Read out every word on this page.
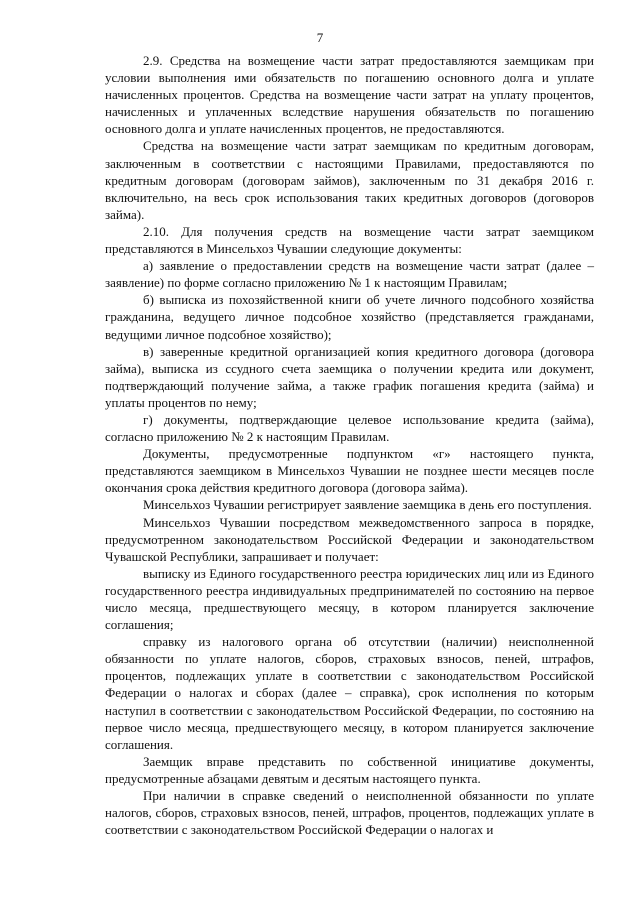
7

2.9. Средства на возмещение части затрат предоставляются заемщикам при условии выполнения ими обязательств по погашению основного долга и уплате начисленных процентов. Средства на возмещение части затрат на уплату процентов, начисленных и уплаченных вследствие нарушения обязательств по погашению основного долга и уплате начисленных процентов, не предоставляются.

Средства на возмещение части затрат заемщикам по кредитным договорам, заключенным в соответствии с настоящими Правилами, предоставляются по кредитным договорам (договорам займов), заключенным по 31 декабря 2016 г. включительно, на весь срок использования таких кредитных договоров (договоров займа).

2.10. Для получения средств на возмещение части затрат заемщиком представляются в Минсельхоз Чувашии следующие документы:

а) заявление о предоставлении средств на возмещение части затрат (далее – заявление) по форме согласно приложению № 1 к настоящим Правилам;

б) выписка из похозяйственной книги об учете личного подсобного хозяйства гражданина, ведущего личное подсобное хозяйство (представляется гражданами, ведущими личное подсобное хозяйство);

в) заверенные кредитной организацией копия кредитного договора (договора займа), выписка из ссудного счета заемщика о получении кредита или документ, подтверждающий получение займа, а также график погашения кредита (займа) и уплаты процентов по нему;

г) документы, подтверждающие целевое использование кредита (займа), согласно приложению № 2 к настоящим Правилам.

Документы, предусмотренные подпунктом «г» настоящего пункта, представляются заемщиком в Минсельхоз Чувашии не позднее шести месяцев после окончания срока действия кредитного договора (договора займа).

Минсельхоз Чувашии регистрирует заявление заемщика в день его поступления.

Минсельхоз Чувашии посредством межведомственного запроса в порядке, предусмотренном законодательством Российской Федерации и законодательством Чувашской Республики, запрашивает и получает:

выписку из Единого государственного реестра юридических лиц или из Единого государственного реестра индивидуальных предпринимателей по состоянию на первое число месяца, предшествующего месяцу, в котором планируется заключение соглашения;

справку из налогового органа об отсутствии (наличии) неисполненной обязанности по уплате налогов, сборов, страховых взносов, пеней, штрафов, процентов, подлежащих уплате в соответствии с законодательством Российской Федерации о налогах и сборах (далее – справка), срок исполнения по которым наступил в соответствии с законодательством Российской Федерации, по состоянию на первое число месяца, предшествующего месяцу, в котором планируется заключение соглашения.

Заемщик вправе представить по собственной инициативе документы, предусмотренные абзацами девятым и десятым настоящего пункта.

При наличии в справке сведений о неисполненной обязанности по уплате налогов, сборов, страховых взносов, пеней, штрафов, процентов, подлежащих уплате в соответствии с законодательством Российской Федерации о налогах и
